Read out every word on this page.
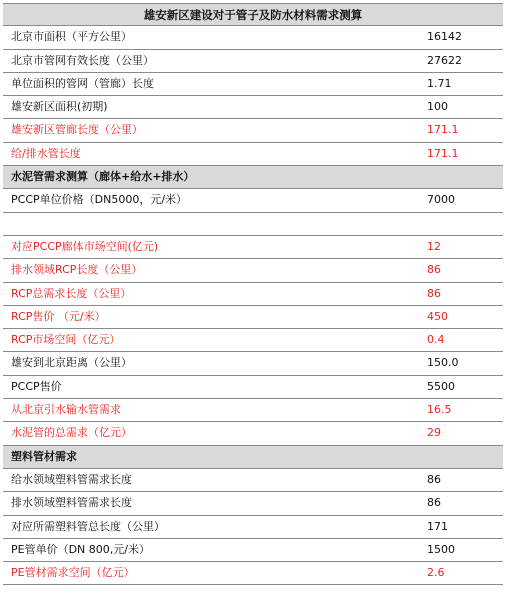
雄安新区建设对于管子及防水材料需求测算
北京市面积（平方公里）	16142
北京市管网有效长度（公里）	27622
单位面积的管网（管廊）长度	1.71
雄安新区面积(初期)	100
雄安新区管廊长度（公里）	171.1
给/排水管长度	171.1
水泥管需求测算（廊体+给水+排水）
PCCP单位价格（DN5000，元/米）	7000
对应PCCP廊体市场空间(亿元)	12
排水领域RCP长度（公里）	86
RCP总需求长度（公里）	86
RCP售价 （元/米）	450
RCP市场空间（亿元）	0.4
雄安到北京距离（公里）	150.0
PCCP售价	5500
从北京引水输水管需求	16.5
水泥管的总需求（亿元）	29
塑料管材需求
给水领域塑料管需求长度	86
排水领域塑料管需求长度	86
对应所需塑料管总长度（公里）	171
PE管单价（DN 800,元/米）	1500
PE管材需求空间（亿元）	2.6
